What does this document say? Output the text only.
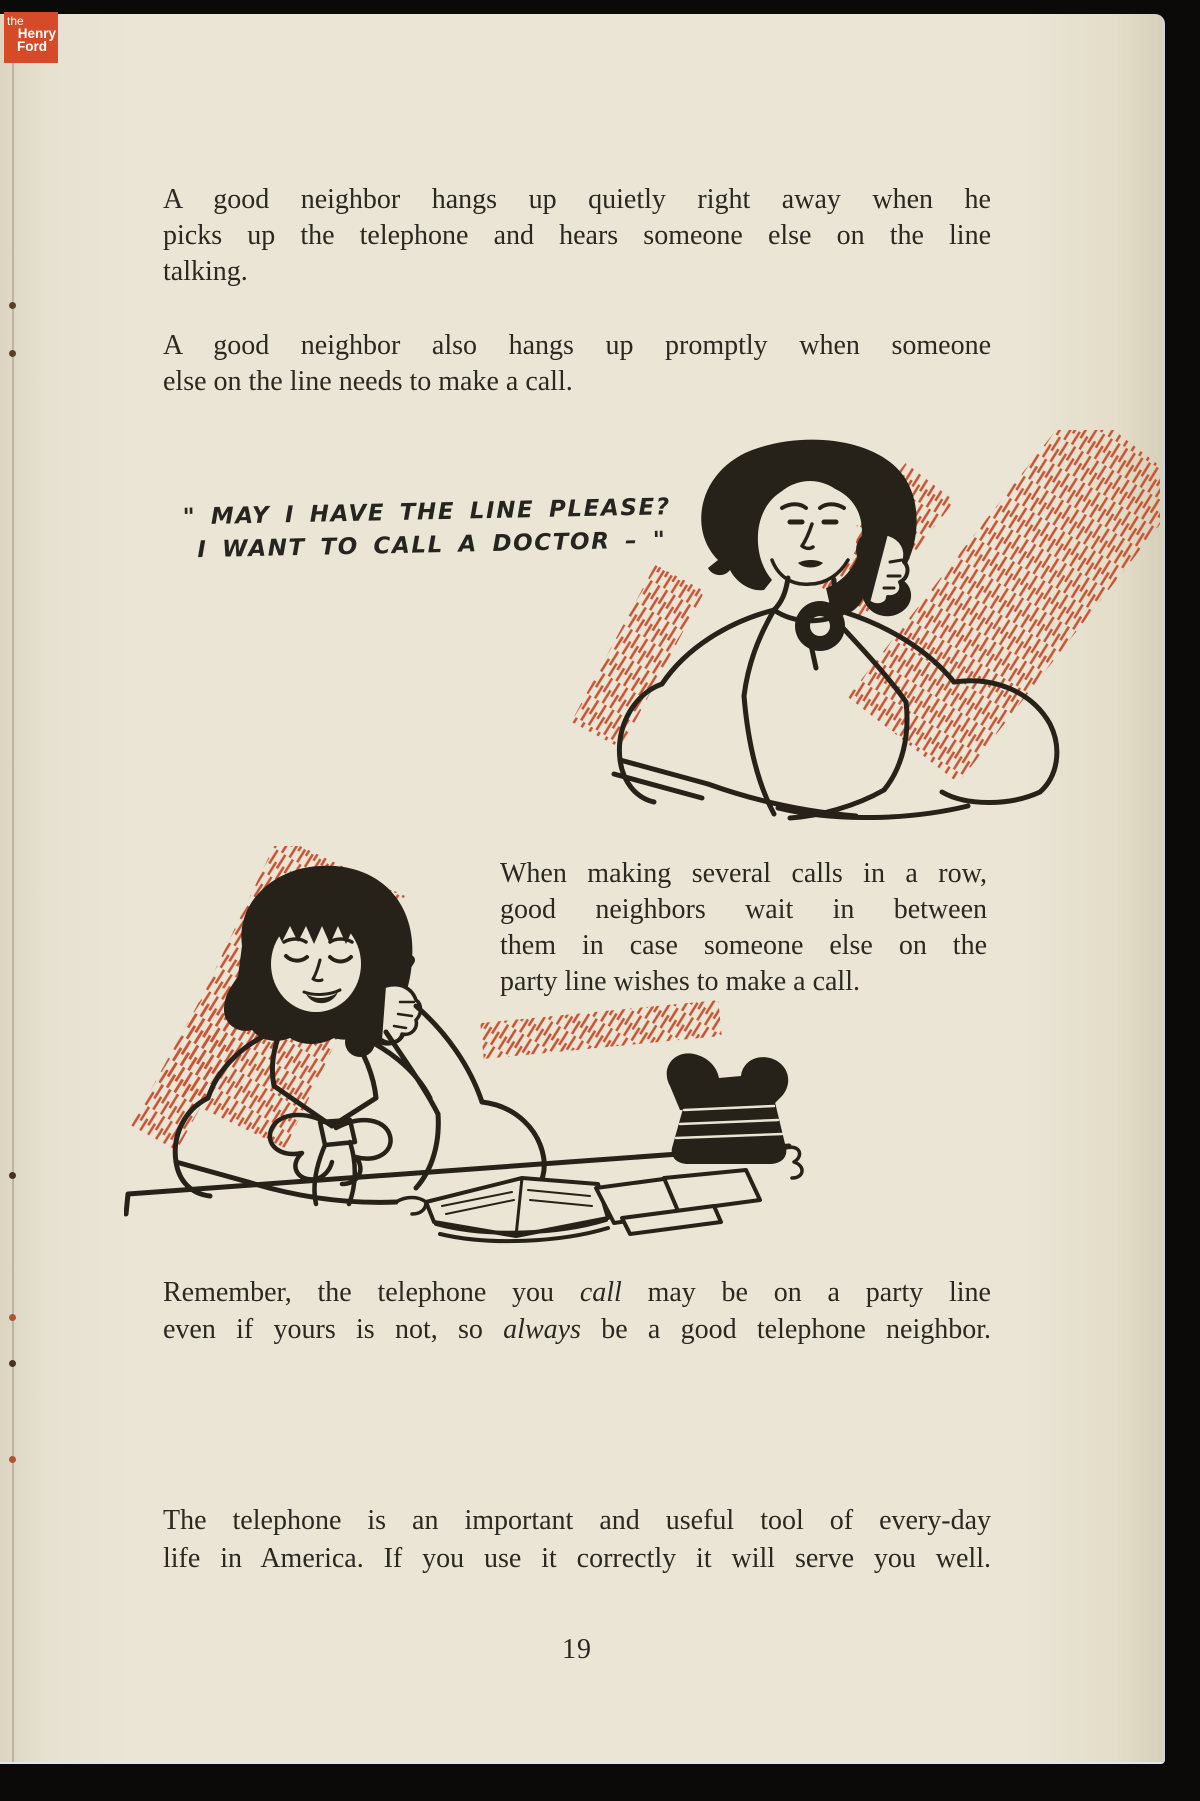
A good neighbor hangs up quietly right away when he
picks up the telephone and hears someone else on the line
talking.
A good neighbor also hangs up promptly when someone
else on the line needs to make a call.
" MAY I HAVE THE LINE PLEASE?
I WANT TO CALL A DOCTOR – "
When making several calls in a row,
good neighbors wait in between
them in case someone else on the
party line wishes to make a call.
Remember, the telephone you call may be on a party line
even if yours is not, so always be a good telephone neighbor.
The telephone is an important and useful tool of every-day
life in America. If you use it correctly it will serve you well.
19
the
Henry
Ford
